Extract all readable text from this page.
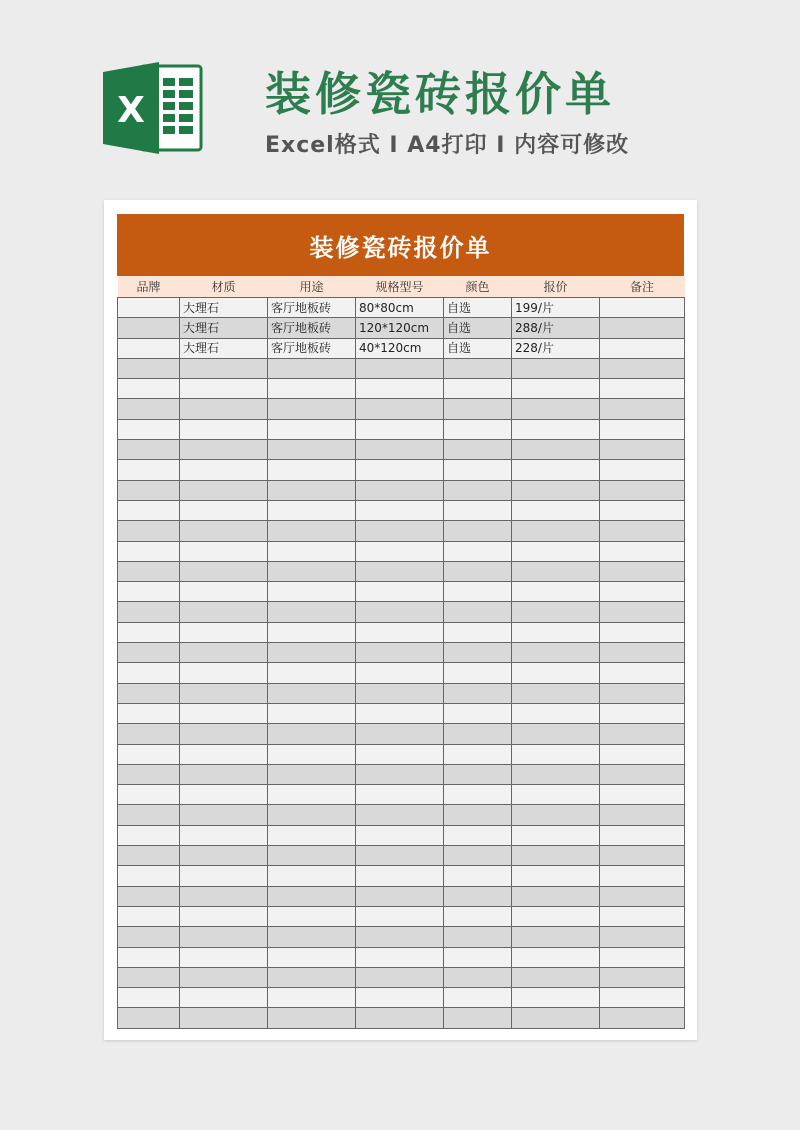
X	装修瓷砖报价单
Excel格式 I A4打印 I 内容可修改
装修瓷砖报价单
品牌	材质	用途	规格型号	颜色	报价	备注
	大理石	客厅地板砖	80*80cm	自选	199/片	
	大理石	客厅地板砖	120*120cm	自选	288/片	
	大理石	客厅地板砖	40*120cm	自选	228/片	
